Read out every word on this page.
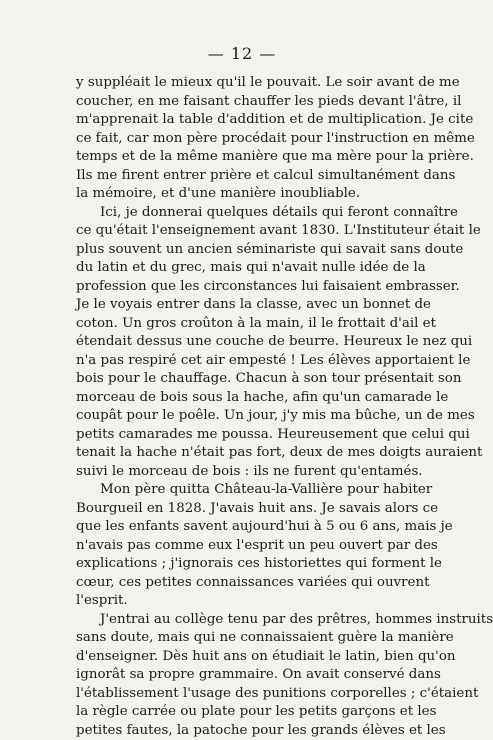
— 12 —
y suppléait le mieux qu'il le pouvait. Le soir avant de me
coucher, en me faisant chauffer les pieds devant l'âtre, il
m'apprenait la table d'addition et de multiplication. Je cite
ce fait, car mon père procédait pour l'instruction en même
temps et de la même manière que ma mère pour la prière.
Ils me firent entrer prière et calcul simultanément dans
la mémoire, et d'une manière inoubliable.
Ici, je donnerai quelques détails qui feront connaître
ce qu'était l'enseignement avant 1830. L'Instituteur était le
plus souvent un ancien séminariste qui savait sans doute
du latin et du grec, mais qui n'avait nulle idée de la
profession que les circonstances lui faisaient embrasser.
Je le voyais entrer dans la classe, avec un bonnet de
coton. Un gros croûton à la main, il le frottait d'ail et
étendait dessus une couche de beurre. Heureux le nez qui
n'a pas respiré cet air empesté ! Les élèves apportaient le
bois pour le chauffage. Chacun à son tour présentait son
morceau de bois sous la hache, afin qu'un camarade le
coupât pour le poêle. Un jour, j'y mis ma bûche, un de mes
petits camarades me poussa. Heureusement que celui qui
tenait la hache n'était pas fort, deux de mes doigts auraient
suivi le morceau de bois : ils ne furent qu'entamés.
Mon père quitta Château-la-Vallière pour habiter
Bourgueil en 1828. J'avais huit ans. Je savais alors ce
que les enfants savent aujourd'hui à 5 ou 6 ans, mais je
n'avais pas comme eux l'esprit un peu ouvert par des
explications ; j'ignorais ces historiettes qui forment le
cœur, ces petites connaissances variées qui ouvrent
l'esprit.
J'entrai au collège tenu par des prêtres, hommes instruits
sans doute, mais qui ne connaissaient guère la manière
d'enseigner. Dès huit ans on étudiait le latin, bien qu'on
ignorât sa propre grammaire. On avait conservé dans
l'établissement l'usage des punitions corporelles ; c'étaient
la règle carrée ou plate pour les petits garçons et les
petites fautes, la patoche pour les grands élèves et les
